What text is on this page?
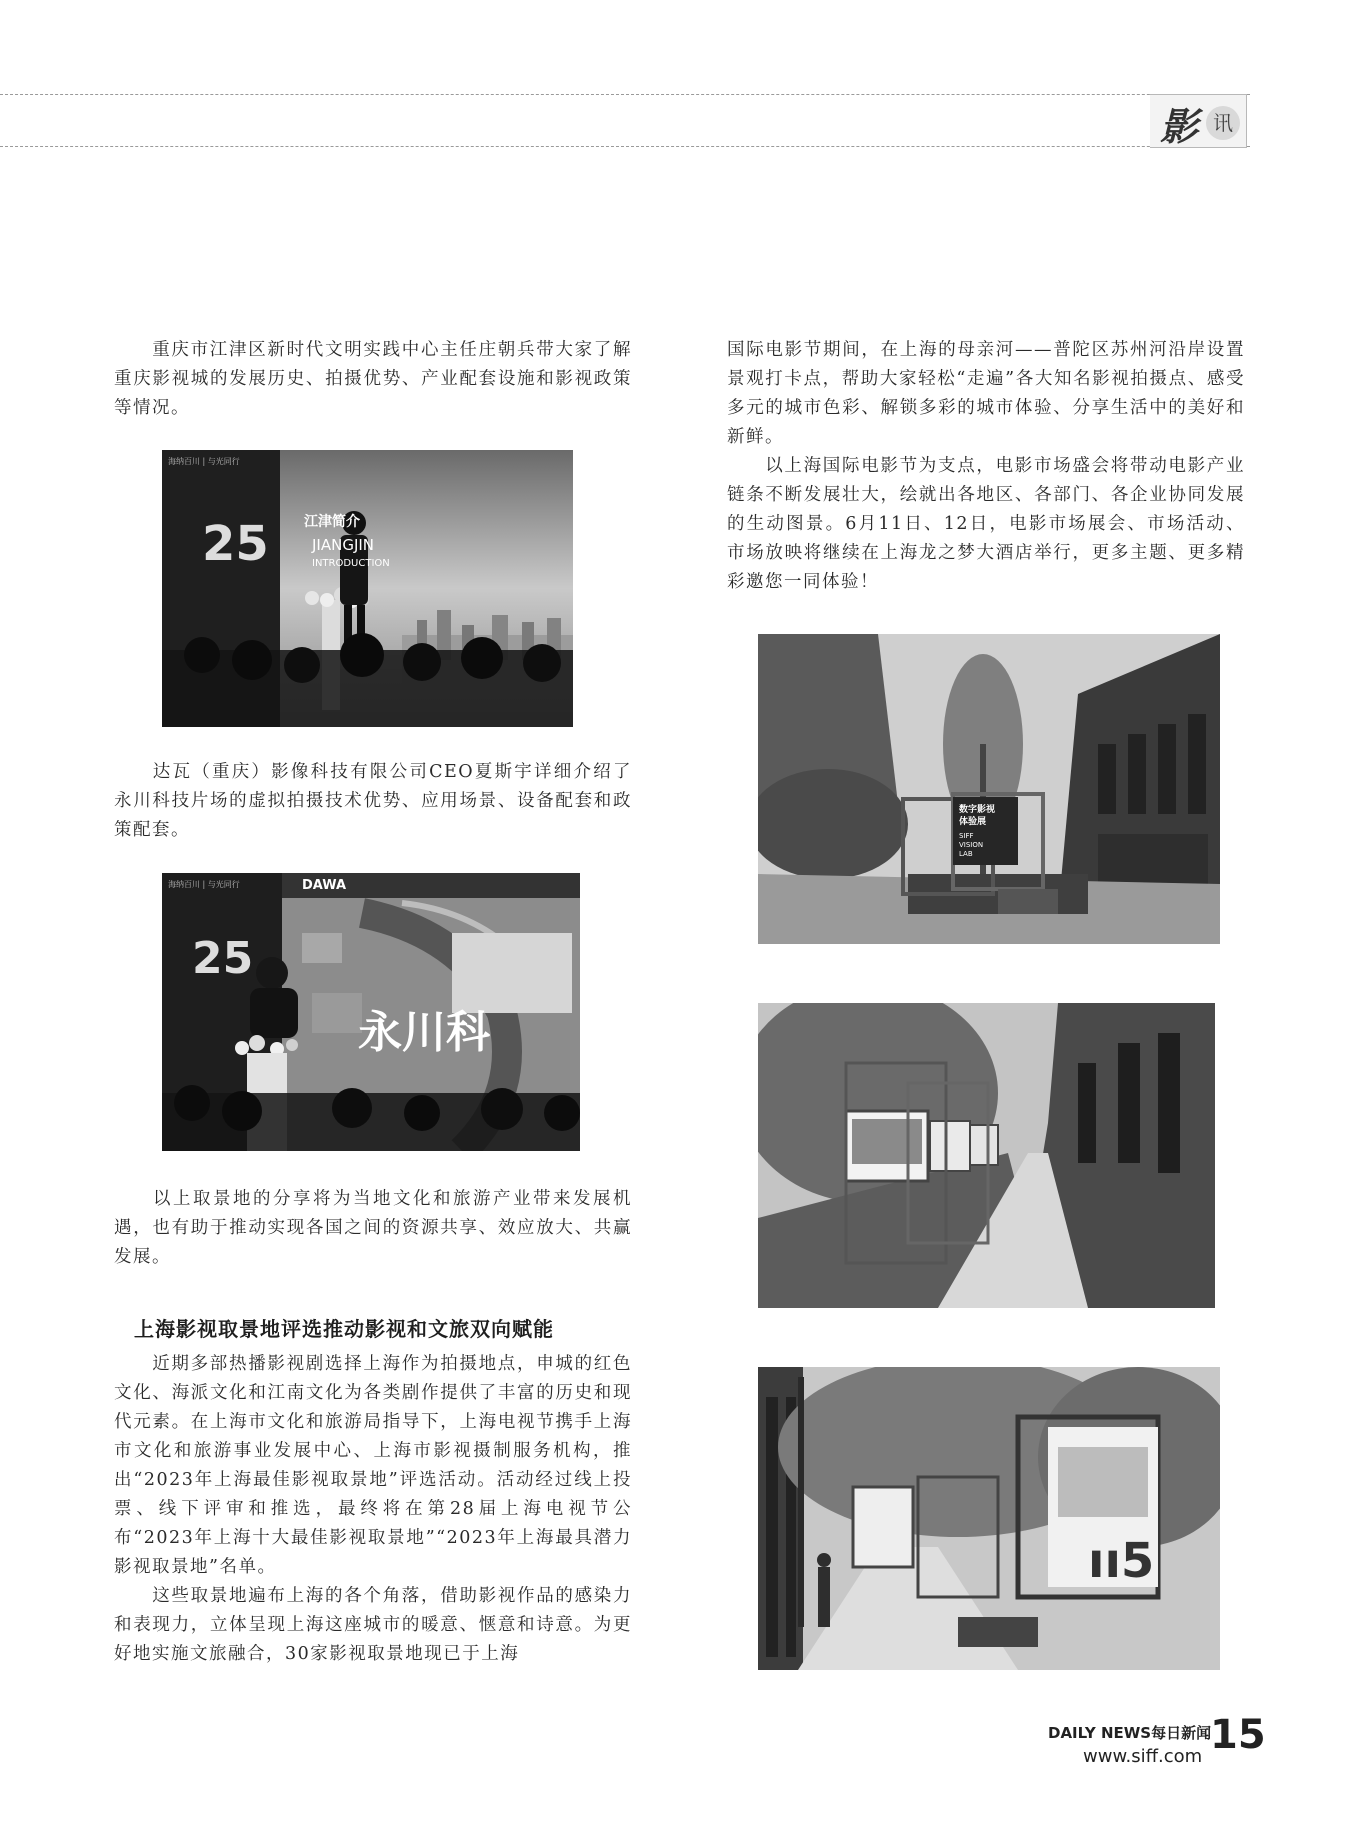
影 讯

重庆市江津区新时代文明实践中心主任庄朝兵带大家了解重庆影视城的发展历史、拍摄优势、产业配套设施和影视政策等情况。

海纳百川 | 与光同行
25	江津简介
JIANGJIN
INTRODUCTION

达瓦（重庆）影像科技有限公司CEO夏斯宇详细介绍了永川科技片场的虚拟拍摄技术优势、应用场景、设备配套和政策配套。

永川科
海纳百川 | 与光同行	DAWA
25

以上取景地的分享将为当地文化和旅游产业带来发展机遇，也有助于推动实现各国之间的资源共享、效应放大、共赢发展。

上海影视取景地评选推动影视和文旅双向赋能

近期多部热播影视剧选择上海作为拍摄地点，申城的红色文化、海派文化和江南文化为各类剧作提供了丰富的历史和现代元素。在上海市文化和旅游局指导下，上海电视节携手上海市文化和旅游事业发展中心、上海市影视摄制服务机构，推出“2023年上海最佳影视取景地”评选活动。活动经过线上投票、线下评审和推选，最终将在第28届上海电视节公布“2023年上海十大最佳影视取景地”“2023年上海最具潜力影视取景地”名单。

这些取景地遍布上海的各个角落，借助影视作品的感染力和表现力，立体呈现上海这座城市的暖意、惬意和诗意。为更好地实施文旅融合，30家影视取景地现已于上海

国际电影节期间，在上海的母亲河——普陀区苏州河沿岸设置景观打卡点，帮助大家轻松“走遍”各大知名影视拍摄点、感受多元的城市色彩、解锁多彩的城市体验、分享生活中的美好和新鲜。

以上海国际电影节为支点，电影市场盛会将带动电影产业链条不断发展壮大，绘就出各地区、各部门、各企业协同发展的生动图景。6月11日、12日，电影市场展会、市场活动、市场放映将继续在上海龙之梦大酒店举行，更多主题、更多精彩邀您一同体验！

数字影视
体验展
SIFF
VISION
LAB
ıı5
DAILY NEWS每日新闻
www.siff.com 15
